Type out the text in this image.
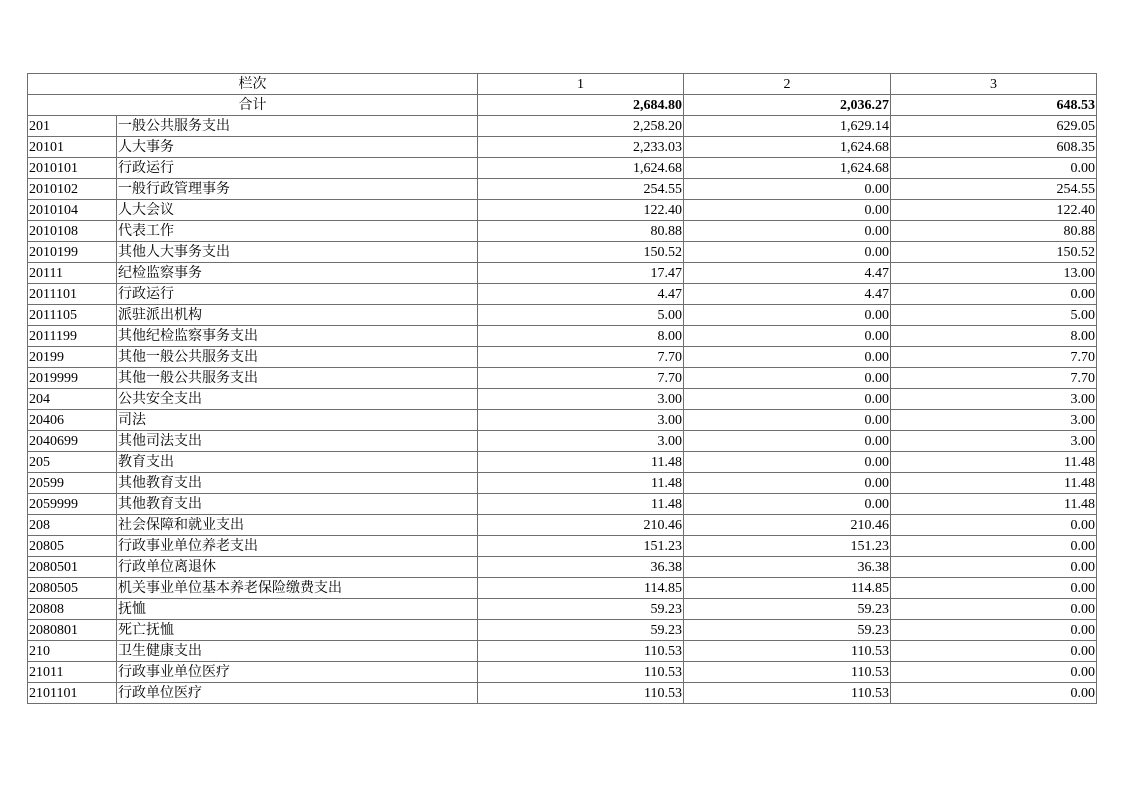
栏次		1	2	3
合计		2,684.80	2,036.27	648.53
201	一般公共服务支出	2,258.20	1,629.14	629.05
20101	人大事务	2,233.03	1,624.68	608.35
2010101	行政运行	1,624.68	1,624.68	0.00
2010102	一般行政管理事务	254.55	0.00	254.55
2010104	人大会议	122.40	0.00	122.40
2010108	代表工作	80.88	0.00	80.88
2010199	其他人大事务支出	150.52	0.00	150.52
20111	纪检监察事务	17.47	4.47	13.00
2011101	行政运行	4.47	4.47	0.00
2011105	派驻派出机构	5.00	0.00	5.00
2011199	其他纪检监察事务支出	8.00	0.00	8.00
20199	其他一般公共服务支出	7.70	0.00	7.70
2019999	其他一般公共服务支出	7.70	0.00	7.70
204	公共安全支出	3.00	0.00	3.00
20406	司法	3.00	0.00	3.00
2040699	其他司法支出	3.00	0.00	3.00
205	教育支出	11.48	0.00	11.48
20599	其他教育支出	11.48	0.00	11.48
2059999	其他教育支出	11.48	0.00	11.48
208	社会保障和就业支出	210.46	210.46	0.00
20805	行政事业单位养老支出	151.23	151.23	0.00
2080501	行政单位离退休	36.38	36.38	0.00
2080505	机关事业单位基本养老保险缴费支出	114.85	114.85	0.00
20808	抚恤	59.23	59.23	0.00
2080801	死亡抚恤	59.23	59.23	0.00
210	卫生健康支出	110.53	110.53	0.00
21011	行政事业单位医疗	110.53	110.53	0.00
2101101	行政单位医疗	110.53	110.53	0.00
